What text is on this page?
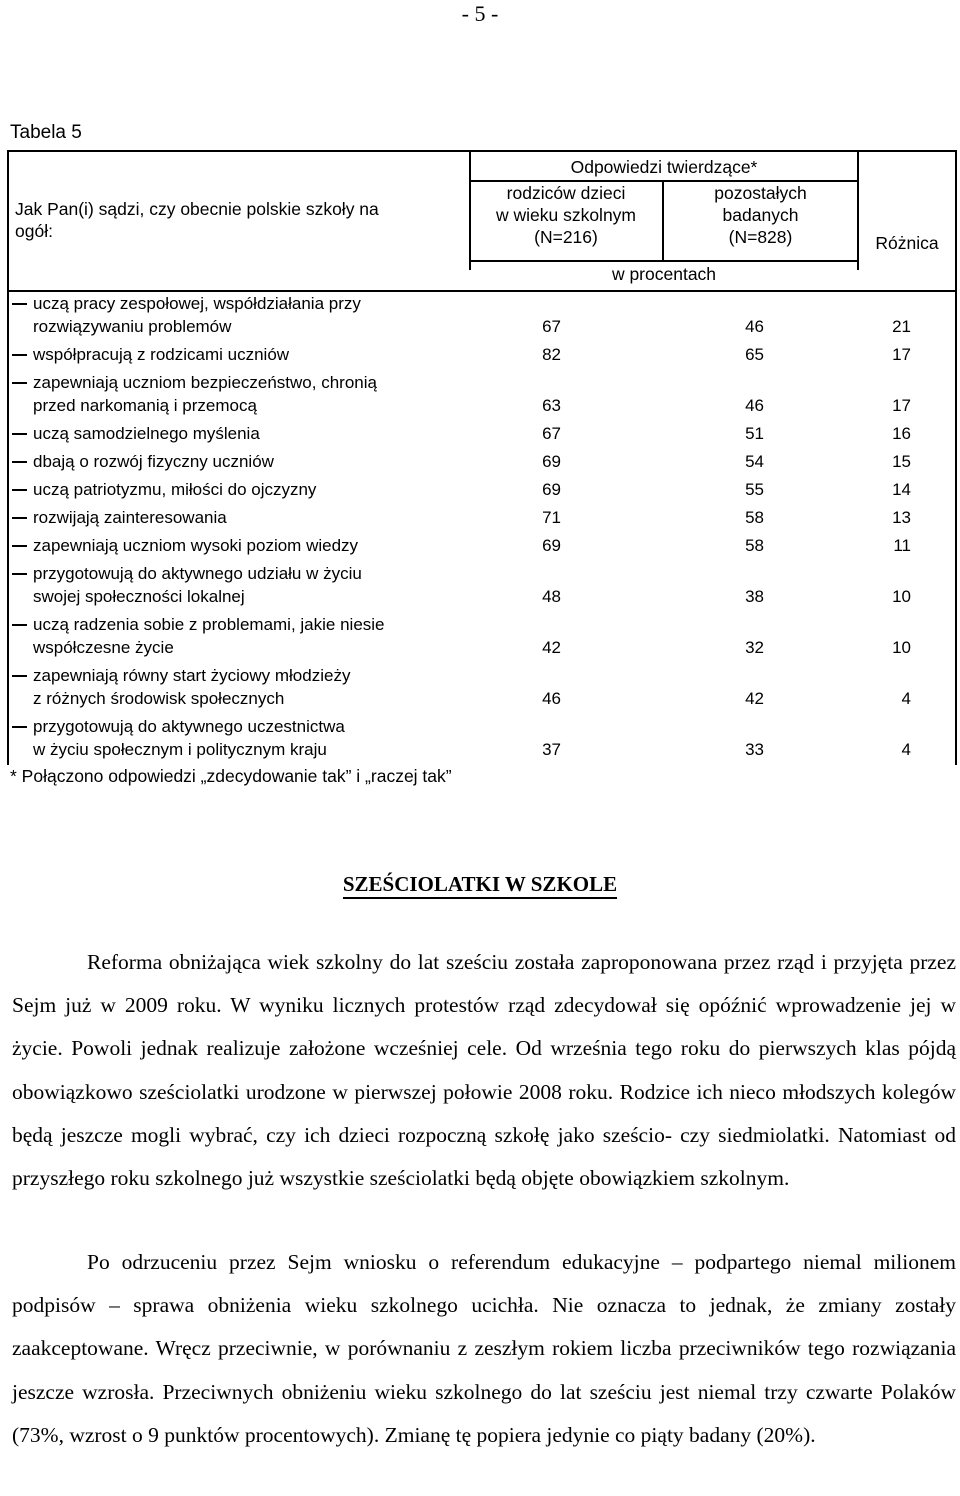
- 5 -
Tabela 5
Jak Pan(i) sądzi, czy obecnie polskie szkoły na ogół:
Odpowiedzi twierdzące*
rodziców dzieci
w wieku szkolnym
(N=216)
pozostałych
badanych
(N=828)	Różnica
w procentach
uczą pracy zespołowej, współdziałania przy
rozwiązywaniu problemów	67	46	21
współpracują z rodzicami uczniów	82	65	17
zapewniają uczniom bezpieczeństwo, chronią
przed narkomanią i przemocą	63	46	17
uczą samodzielnego myślenia	67	51	16
dbają o rozwój fizyczny uczniów	69	54	15
uczą patriotyzmu, miłości do ojczyzny	69	55	14
rozwijają zainteresowania	71	58	13
zapewniają uczniom wysoki poziom wiedzy	69	58	11
przygotowują do aktywnego udziału w życiu
swojej społeczności lokalnej	48	38	10
uczą radzenia sobie z problemami, jakie niesie
współczesne życie	42	32	10
zapewniają równy start życiowy młodzieży
z różnych środowisk społecznych	46	42	4
przygotowują do aktywnego uczestnictwa
w życiu społecznym i politycznym kraju	37	33	4
* Połączono odpowiedzi „zdecydowanie tak” i „raczej tak”
SZEŚCIOLATKI W SZKOLE

Reforma obniżająca wiek szkolny do lat sześciu została zaproponowana przez rząd i przyjęta przez Sejm już w 2009 roku. W wyniku licznych protestów rząd zdecydował się opóźnić wprowadzenie jej w życie. Powoli jednak realizuje założone wcześniej cele. Od września tego roku do pierwszych klas pójdą obowiązkowo sześciolatki urodzone w pierwszej połowie 2008 roku. Rodzice ich nieco młodszych kolegów będą jeszcze mogli wybrać, czy ich dzieci rozpoczną szkołę jako sześcio- czy siedmiolatki. Natomiast od przyszłego roku szkolnego już wszystkie sześciolatki będą objęte obowiązkiem szkolnym.

Po odrzuceniu przez Sejm wniosku o referendum edukacyjne – podpartego niemal milionem podpisów – sprawa obniżenia wieku szkolnego ucichła. Nie oznacza to jednak, że zmiany zostały zaakceptowane. Wręcz przeciwnie, w porównaniu z zeszłym rokiem liczba przeciwników tego rozwiązania jeszcze wzrosła. Przeciwnych obniżeniu wieku szkolnego do lat sześciu jest niemal trzy czwarte Polaków (73%, wzrost o 9 punktów procentowych). Zmianę tę popiera jedynie co piąty badany (20%).
